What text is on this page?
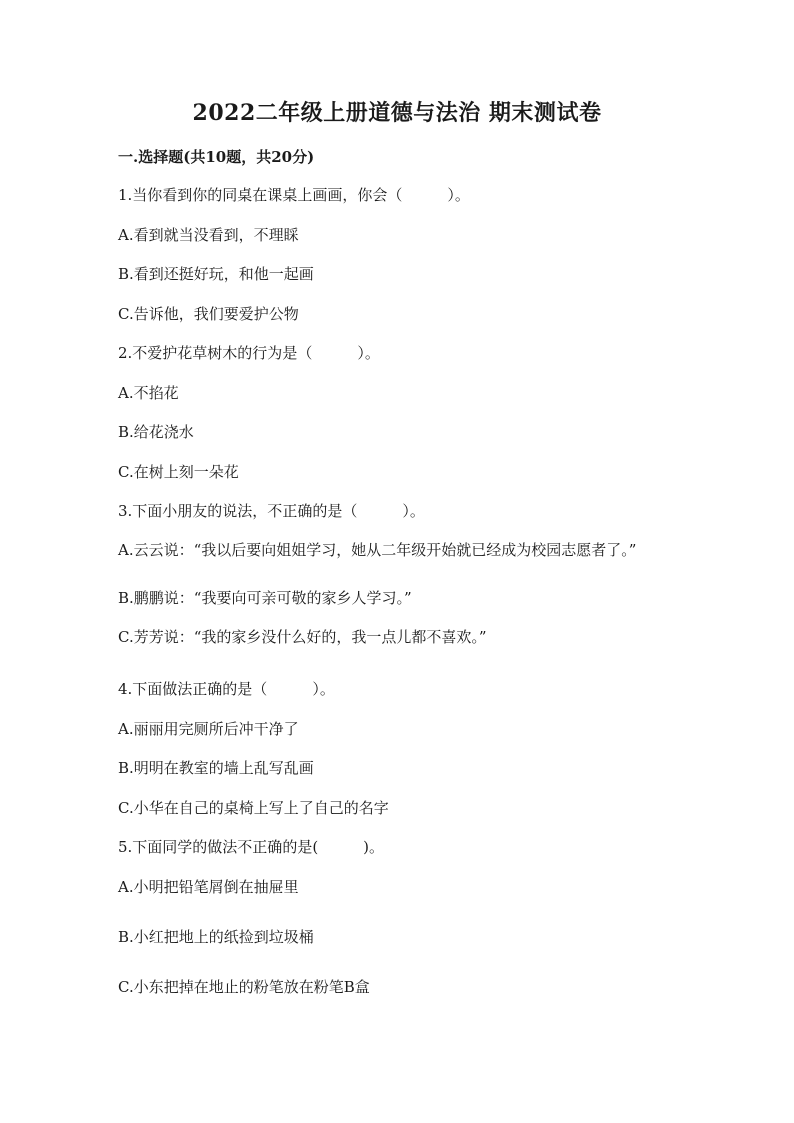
2022二年级上册道德与法治 期末测试卷
一.选择题(共10题，共20分)
1.当你看到你的同桌在课桌上画画，你会（　　　）。
A.看到就当没看到，不理睬
B.看到还挺好玩，和他一起画
C.告诉他，我们要爱护公物
2.不爱护花草树木的行为是（　　　）。
A.不掐花
B.给花浇水
C.在树上刻一朵花
3.下面小朋友的说法，不正确的是（　　　）。
A.云云说：“我以后要向姐姐学习，她从二年级开始就已经成为校园志愿者了。”
B.鹏鹏说：“我要向可亲可敬的家乡人学习。”
C.芳芳说：“我的家乡没什么好的，我一点儿都不喜欢。”
4.下面做法正确的是（　　　）。
A.丽丽用完厕所后冲干净了
B.明明在教室的墙上乱写乱画
C.小华在自己的桌椅上写上了自己的名字
5.下面同学的做法不正确的是(　　　)。
A.小明把铅笔屑倒在抽屉里
B.小红把地上的纸捡到垃圾桶
C.小东把掉在地止的粉笔放在粉笔B盒
